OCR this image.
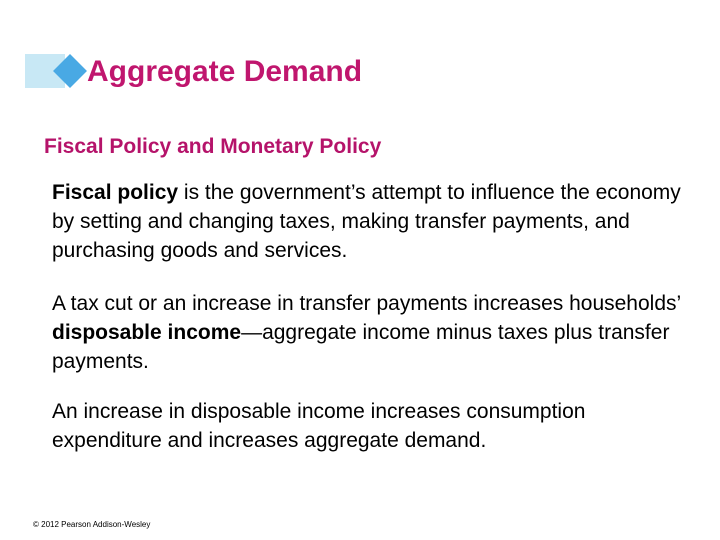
Aggregate Demand
Fiscal Policy and Monetary Policy

Fiscal policy is the government’s attempt to influence the economy by setting and changing taxes, making transfer payments, and purchasing goods and services.

A tax cut or an increase in transfer payments increases households’ disposable income—aggregate income minus taxes plus transfer payments.

An increase in disposable income increases consumption expenditure and increases aggregate demand.

© 2012 Pearson Addison-Wesley
